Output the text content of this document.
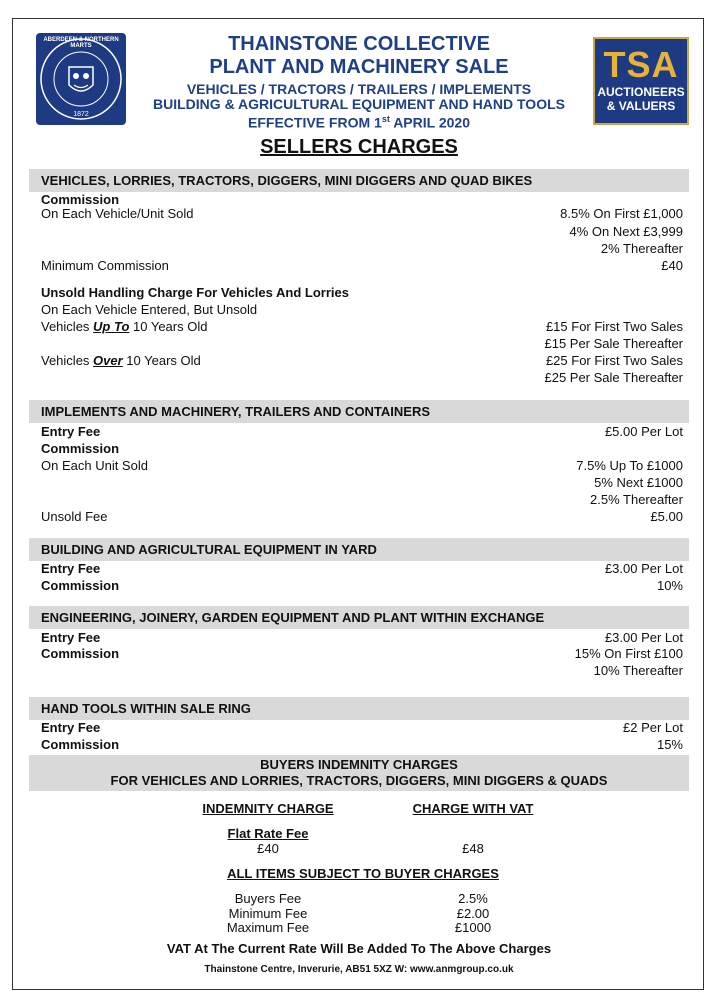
ABERDEEN & NORTHERN MARTS
1872
THAINSTONE COLLECTIVE
PLANT AND MACHINERY SALE
VEHICLES / TRACTORS / TRAILERS / IMPLEMENTS
BUILDING & AGRICULTURAL EQUIPMENT AND HAND TOOLS
EFFECTIVE FROM 1st APRIL 2020
TSA
AUCTIONEERS
& VALUERS
SELLERS CHARGES
VEHICLES, LORRIES, TRACTORS, DIGGERS, MINI DIGGERS AND QUAD BIKES
Commission
On Each Vehicle/Unit Sold	8.5% On First £1,000
4% On Next £3,999
2% Thereafter
Minimum Commission	£40
Unsold Handling Charge For Vehicles And Lorries
On Each Vehicle Entered, But Unsold
Vehicles Up To 10 Years Old	£15 For First Two Sales
£15 Per Sale Thereafter
Vehicles Over 10 Years Old	£25 For First Two Sales
£25 Per Sale Thereafter
IMPLEMENTS AND MACHINERY, TRAILERS AND CONTAINERS
Entry Fee	£5.00 Per Lot
Commission
On Each Unit Sold	7.5% Up To £1000
5% Next £1000
2.5% Thereafter
Unsold Fee	£5.00
BUILDING AND AGRICULTURAL EQUIPMENT IN YARD
Entry Fee	£3.00 Per Lot
Commission	10%
ENGINEERING, JOINERY, GARDEN EQUIPMENT AND PLANT WITHIN EXCHANGE
Entry Fee	£3.00 Per Lot
Commission	15% On First £100
10% Thereafter
HAND TOOLS WITHIN SALE RING
Entry Fee	£2 Per Lot
Commission	15%
BUYERS INDEMNITY CHARGES
FOR VEHICLES AND LORRIES, TRACTORS, DIGGERS, MINI DIGGERS & QUADS
INDEMNITY CHARGE	CHARGE WITH VAT
Flat Rate Fee
£40	£48
ALL ITEMS SUBJECT TO BUYER CHARGES
Buyers Fee	2.5%
Minimum Fee	£2.00
Maximum Fee	£1000
VAT At The Current Rate Will Be Added To The Above Charges
Thainstone Centre, Inverurie, AB51 5XZ W: www.anmgroup.co.uk
